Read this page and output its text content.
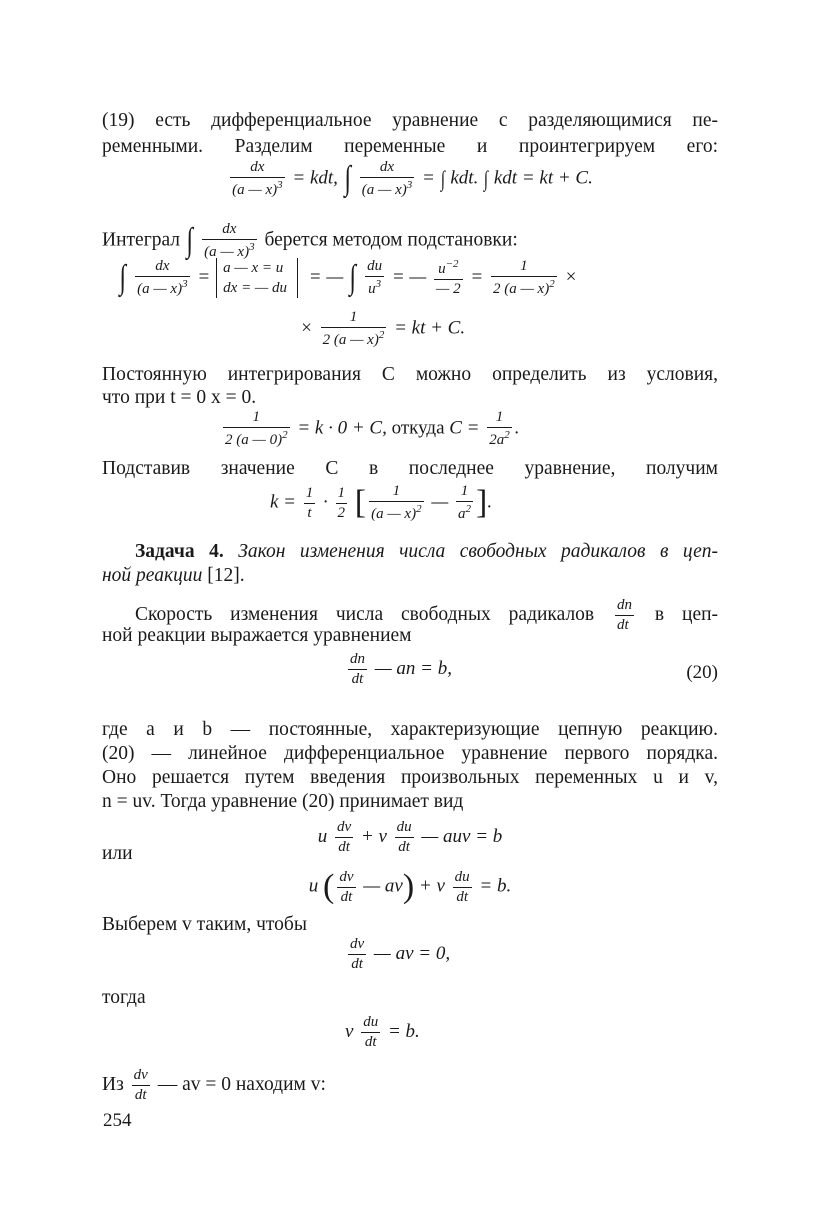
(19) есть дифференциальное уравнение с разделяющимися пе-
ременными. Разделим переменные и проинтегрируем его:
$\frac{dx}{(a — x)^3}$ = kdt, ∫ $\frac{dx}{(a — x)^3}$ = ∫ kdt. ∫ kdt = kt + C.
Интеграл ∫ $\frac{dx}{(a — x)^3}$ берется методом подстановки:
∫ $\frac{dx}{(a — x)^3} = a$ — x = u
dx = — du = — ∫ $\frac{du}{u^3}$ = — $\frac{u^{-2}}{— 2} = \frac{1}{2 (a — x)^2}$ ×
× $\frac{1}{2 (a — x)^2}$ = kt + C.
Постоянную интегрирования C можно определить из условия,
что при t = 0 x = 0.
$\frac{1}{2 (a — 0)^2} = k \cdot 0 + C$, откуда $C = \frac{1}{2a^2}$ .
Подставив значение C в последнее уравнение, получим
$k = \frac{1}{t} \cdot \frac{1}{2}$ [ $\frac{1}{(a — x)^2}$ — $\frac{1}{a^2}$ ].
Задача 4. Закон изменения числа свободных радикалов в цеп-
ной реакции [12].
Скорость изменения числа свободных радикалов $\frac{dn}{dt}$ в цеп-
ной реакции выражается уравнением
$\frac{dn}{dt}$ — an = b,	(20)
где a и b — постоянные, характеризующие цепную реакцию.
(20) — линейное дифференциальное уравнение первого порядка.
Оно решается путем введения произвольных переменных u и v,
n = uv. Тогда уравнение (20) принимает вид
u $\frac{dv}{dt} + v \frac{du}{dt}$ — auv = b
или
u ( $\frac{dv}{dt}$ — av) + v $\frac{du}{dt} = b$.
Выберем v таким, чтобы
$\frac{dv}{dt}$ — av = 0,
тогда
v $\frac{du}{dt} = b$.
Из $\frac{dv}{dt}$ — av = 0 находим v:
254
